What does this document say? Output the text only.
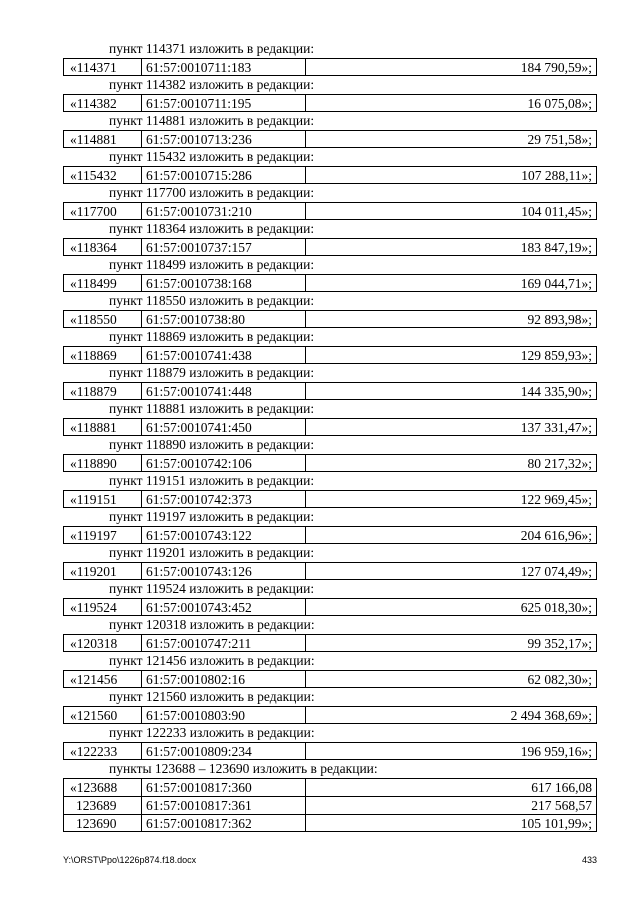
пункт 114371 изложить в редакции:
«114371	61:57:0010711:183	184 790,59»;
пункт 114382 изложить в редакции:
«114382	61:57:0010711:195	16 075,08»;
пункт 114881 изложить в редакции:
«114881	61:57:0010713:236	29 751,58»;
пункт 115432 изложить в редакции:
«115432	61:57:0010715:286	107 288,11»;
пункт 117700 изложить в редакции:
«117700	61:57:0010731:210	104 011,45»;
пункт 118364 изложить в редакции:
«118364	61:57:0010737:157	183 847,19»;
пункт 118499 изложить в редакции:
«118499	61:57:0010738:168	169 044,71»;
пункт 118550 изложить в редакции:
«118550	61:57:0010738:80	92 893,98»;
пункт 118869 изложить в редакции:
«118869	61:57:0010741:438	129 859,93»;
пункт 118879 изложить в редакции:
«118879	61:57:0010741:448	144 335,90»;
пункт 118881 изложить в редакции:
«118881	61:57:0010741:450	137 331,47»;
пункт 118890 изложить в редакции:
«118890	61:57:0010742:106	80 217,32»;
пункт 119151 изложить в редакции:
«119151	61:57:0010742:373	122 969,45»;
пункт 119197 изложить в редакции:
«119197	61:57:0010743:122	204 616,96»;
пункт 119201 изложить в редакции:
«119201	61:57:0010743:126	127 074,49»;
пункт 119524 изложить в редакции:
«119524	61:57:0010743:452	625 018,30»;
пункт 120318 изложить в редакции:
«120318	61:57:0010747:211	99 352,17»;
пункт 121456 изложить в редакции:
«121456	61:57:0010802:16	62 082,30»;
пункт 121560 изложить в редакции:
«121560	61:57:0010803:90	2 494 368,69»;
пункт 122233 изложить в редакции:
«122233	61:57:0010809:234	196 959,16»;
пункты 123688 – 123690 изложить в редакции:
«123688	61:57:0010817:360	617 166,08
123689	61:57:0010817:361	217 568,57
123690	61:57:0010817:362	105 101,99»;
Y:\ORST\Ppo\1226p874.f18.docx	433
